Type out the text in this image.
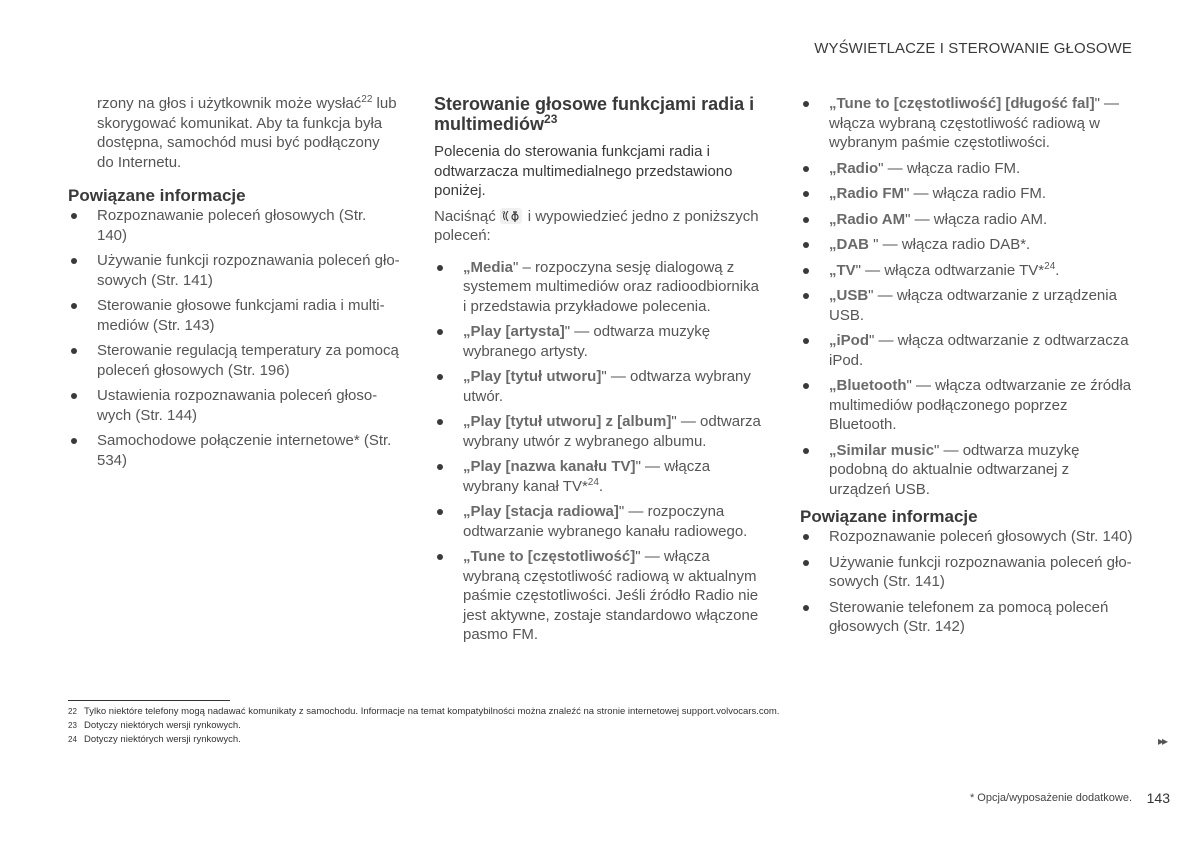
WYŚWIETLACZE I STEROWANIE GŁOSOWE

rzony na głos i użytkownik może wysłać$^{22}$ lub skorygować komunikat. Aby ta funkcja była dostępna, samochód musi być podłączony do Internetu.

Powiązane informacje
Rozpoznawanie poleceń głosowych (Str. 140)
Używanie funkcji rozpoznawania poleceń gło-sowych (Str. 141)
Sterowanie głosowe funkcjami radia i multi-mediów (Str. 143)
Sterowanie regulacją temperatury za pomocą poleceń głosowych (Str. 196)
Ustawienia rozpoznawania poleceń głoso-wych (Str. 144)
Samochodowe połączenie internetowe* (Str. 534)
Sterowanie głosowe funkcjami radia i multimediów$^{23}$

Polecenia do sterowania funkcjami radia i odtwarzacza multimedialnego przedstawiono poniżej.

Naciśnąć ﾟ i wypowiedzieć jedno z poniższych poleceń:

„Media" – rozpoczyna sesję dialogową z systemem multimediów oraz radioodbiornika i przedstawia przykładowe polecenia.
„Play [artysta]" — odtwarza muzykę wybranego artysty.
„Play [tytuł utworu]" — odtwarza wybrany utwór.
„Play [tytuł utworu] z [album]" — odtwarza wybrany utwór z wybranego albumu.
„Play [nazwa kanału TV]" — włącza wybrany kanał TV*$^{24}$.
„Play [stacja radiowa]" — rozpoczyna odtwarzanie wybranego kanału radiowego.
„Tune to [częstotliwość]" — włącza wybraną częstotliwość radiową w aktualnym paśmie częstotliwości. Jeśli źródło Radio nie jest aktywne, zostaje standardowo włączone pasmo FM.
„Tune to [częstotliwość] [długość fal]" — włącza wybraną częstotliwość radiową w wybranym paśmie częstotliwości.
„Radio" — włącza radio FM.
„Radio FM" — włącza radio FM.
„Radio AM" — włącza radio AM.
„DAB " — włącza radio DAB*.
„TV" — włącza odtwarzanie TV*$^{24}$.
„USB" — włącza odtwarzanie z urządzenia USB.
„iPod" — włącza odtwarzanie z odtwarzacza iPod.
„Bluetooth" — włącza odtwarzanie ze źródła multimediów podłączonego poprzez Bluetooth.
„Similar music" — odtwarza muzykę podobną do aktualnie odtwarzanej z urządzeń USB.
Powiązane informacje
Rozpoznawanie poleceń głosowych (Str. 140)
Używanie funkcji rozpoznawania poleceń gło-sowych (Str. 141)
Sterowanie telefonem za pomocą poleceń głosowych (Str. 142)
22 Tylko niektóre telefony mogą nadawać komunikaty z samochodu. Informacje na temat kompatybilności można znaleźć na stronie internetowej support.volvocars.com.
23 Dotyczy niektórych wersji rynkowych.
24 Dotyczy niektórych wersji rynkowych.	▸▸
* Opcja/wyposażenie dodatkowe. 143
